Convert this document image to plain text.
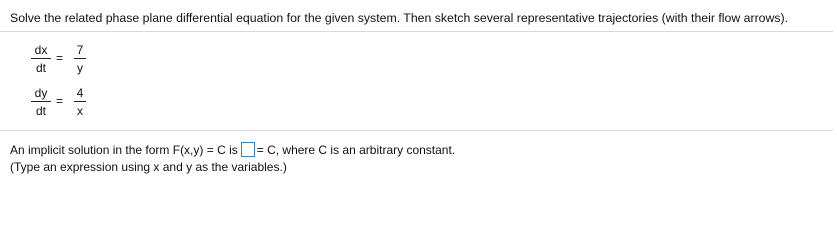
Solve the related phase plane differential equation for the given system. Then sketch several representative trajectories (with their flow arrows).
dx
dt
=
7
y
dy
dt
=
4
x
An implicit solution in the form F(x,y) = C is = C, where C is an arbitrary constant.
(Type an expression using x and y as the variables.)
